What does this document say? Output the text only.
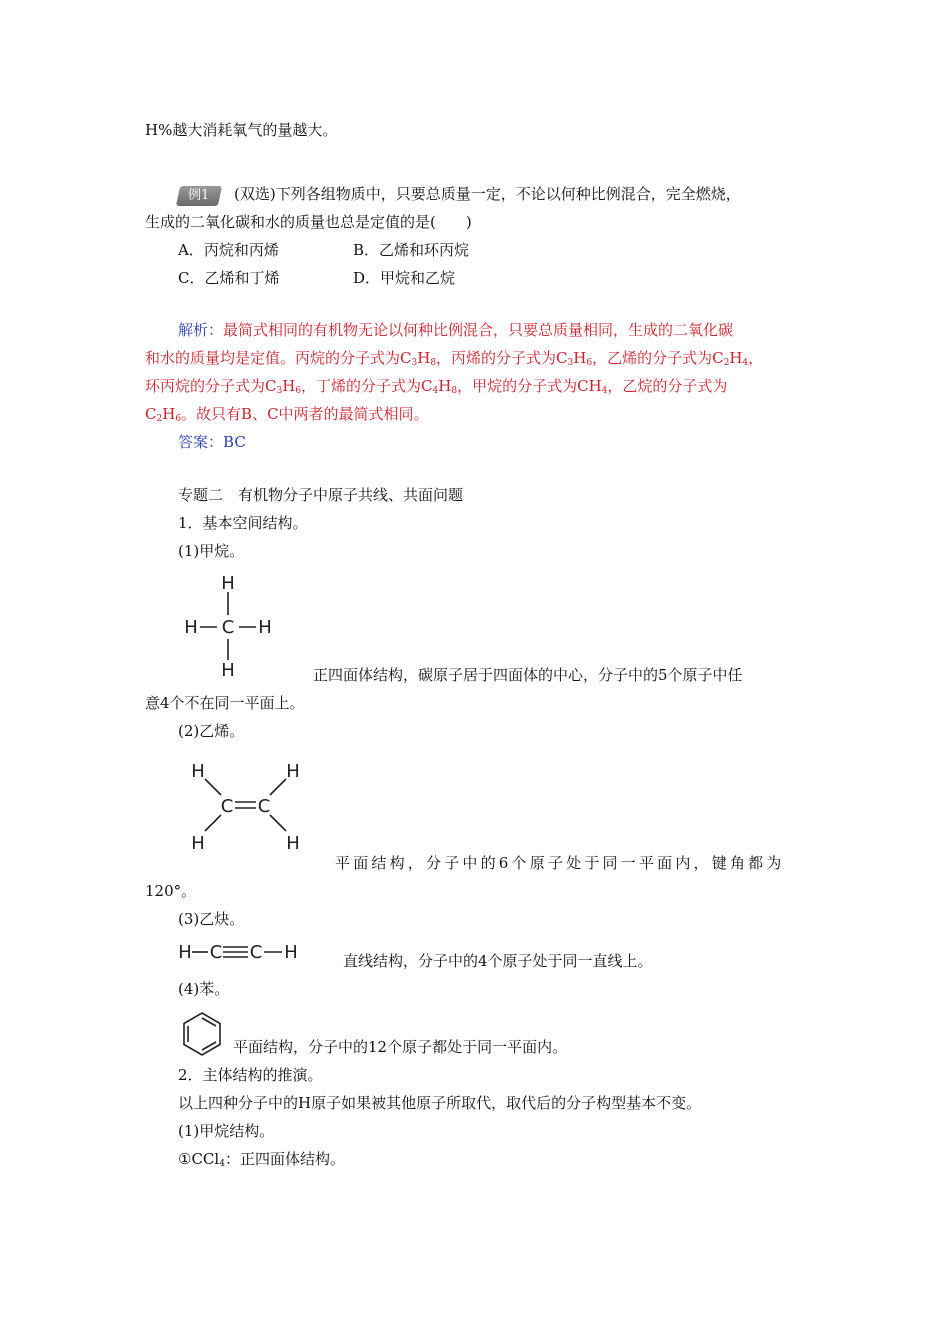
H%越大消耗氧气的量越大。
例1 (双选)下列各组物质中，只要总质量一定，不论以何种比例混合，完全燃烧，
生成的二氧化碳和水的质量也总是定值的是(　　)
A．丙烷和丙烯	B．乙烯和环丙烷
C．乙烯和丁烯	D．甲烷和乙烷
解析：最简式相同的有机物无论以何种比例混合，只要总质量相同，生成的二氧化碳
和水的质量均是定值。丙烷的分子式为$C_3H_8$，丙烯的分子式为$C_3H_6$，乙烯的分子式为$C_2H_4$，
环丙烷的分子式为$C_3H_6$，丁烯的分子式为$C_4H_8$，甲烷的分子式为$CH_4$，乙烷的分子式为
$C_2H_6$。故只有B、C中两者的最简式相同。
答案：BC
专题二　有机物分子中原子共线、共面问题
1．基本空间结构。
(1)甲烷。
H
C
H	H
H	正四面体结构，碳原子居于四面体的中心，分子中的5个原子中任
意4个不在同一平面上。
(2)乙烯。
H	H
C C
H	H
平面结构，分子中的6个原子处于同一平面内，键角都为
120°。
(3)乙炔。
H C C H	直线结构，分子中的4个原子处于同一直线上。
(4)苯。
平面结构，分子中的12个原子都处于同一平面内。
2．主体结构的推演。
以上四种分子中的H原子如果被其他原子所取代，取代后的分子构型基本不变。
(1)甲烷结构。
①CCl$_4$：正四面体结构。
